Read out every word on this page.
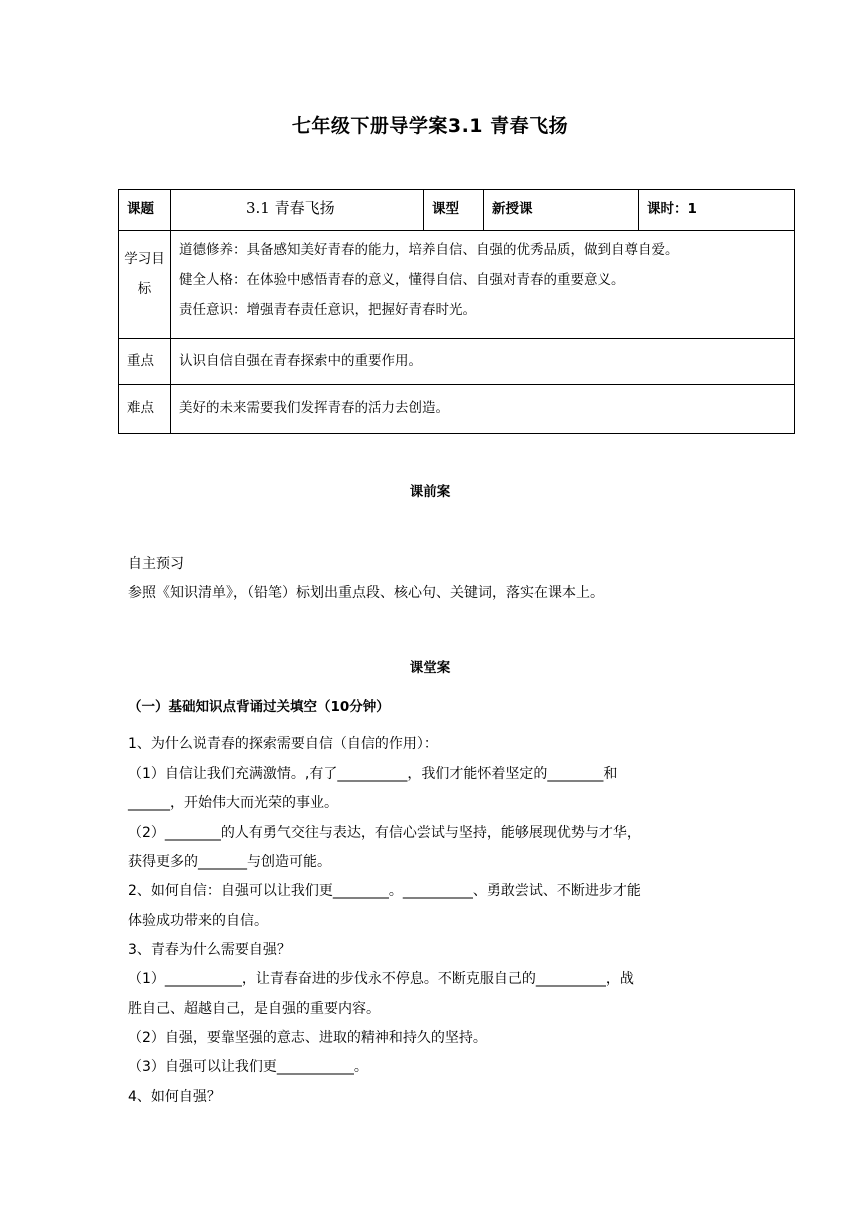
七年级下册导学案3.1 青春飞扬
课题	3.1 青春飞扬	课型	新授课	课时：1

学习目标	道德修养：具备感知美好青春的能力，培养自信、自强的优秀品质，做到自尊自爱。
健全人格：在体验中感悟青春的意义，懂得自信、自强对青春的重要意义。
责任意识：增强青春责任意识，把握好青春时光。			

重点	认识自信自强在青春探索中的重要作用。			

难点	美好的未来需要我们发挥青春的活力去创造。			
课前案
自主预习
参照《知识清单》，（铅笔）标划出重点段、核心句、关键词，落实在课本上。
课堂案
（一）基础知识点背诵过关填空（10分钟）
1、为什么说青春的探索需要自信（自信的作用）：
（1）自信让我们充满激情。,有了__________，我们才能怀着坚定的________和
______，开始伟大而光荣的事业。
（2）________的人有勇气交往与表达，有信心尝试与坚持，能够展现优势与才华，
获得更多的_______与创造可能。
2、如何自信：自强可以让我们更________。__________、勇敢尝试、不断进步才能
体验成功带来的自信。
3、青春为什么需要自强？
（1）___________，让青春奋进的步伐永不停息。不断克服自己的__________，战
胜自己、超越自己，是自强的重要内容。
（2）自强，要靠坚强的意志、进取的精神和持久的坚持。
（3）自强可以让我们更___________。
4、如何自强？
